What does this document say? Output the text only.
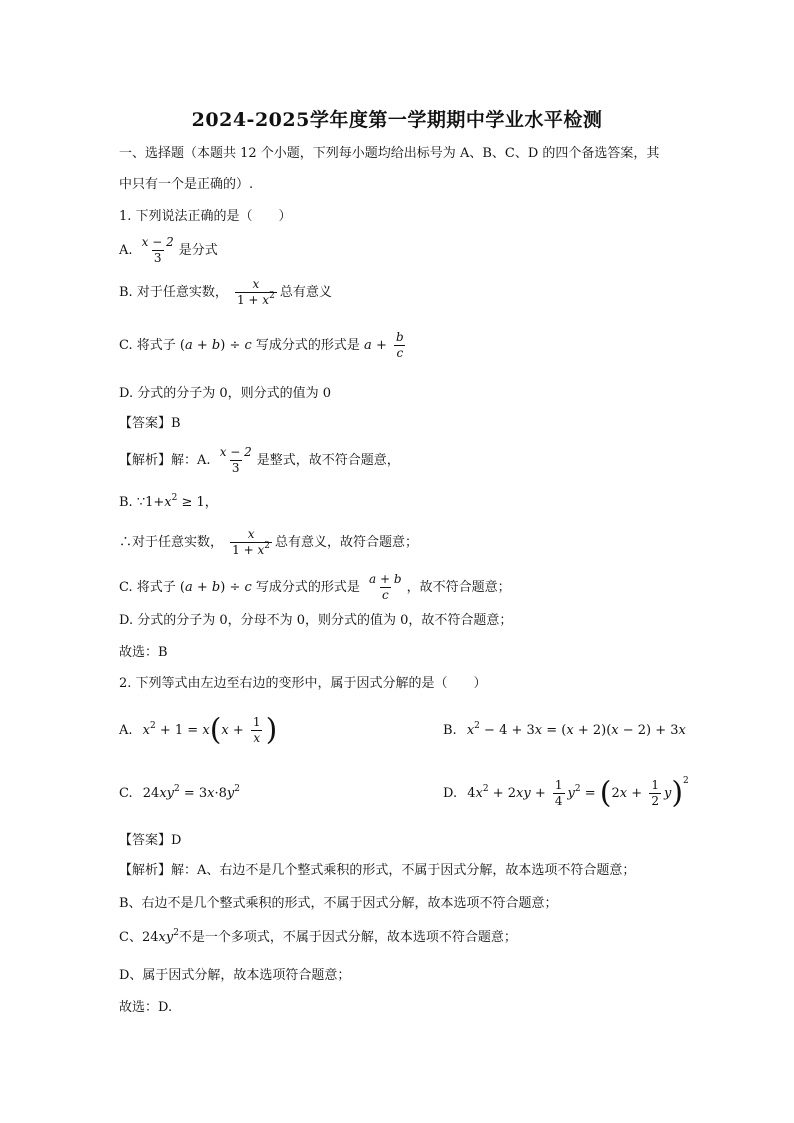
2024-2025学年度第一学期期中学业水平检测
一、选择题（本题共 12 个小题，下列每小题均给出标号为 A、B、C、D 的四个备选答案，其
中只有一个是正确的）.
1. 下列说法正确的是（　　）
A. $\frac{x - 2}{3}$ 是分式
B. 对于任意实数， $\frac{x}{1 + x^2}$ 总有意义
C. 将式子 (a + b) ÷ c 写成分式的形式是 $a + \frac{b}{c}$
D. 分式的分子为 0，则分式的值为 0
【答案】B
【解析】解：A. $\frac{x - 2}{3}$ 是整式，故不符合题意，
B. $\because 1+x^2 \ge 1$，
∴对于任意实数， $\frac{x}{1 + x^2}$ 总有意义，故符合题意；
C. 将式子 (a + b) ÷ c 写成分式的形式是 $\frac{a + b}{c}$ ，故不符合题意；
D. 分式的分子为 0，分母不为 0，则分式的值为 0，故不符合题意；
故选：B
2. 下列等式由左边至右边的变形中，属于因式分解的是（　　）
A. $x^2 + 1 = x(x + \frac{1}{x}$ )	B. $x^2 - 4 + 3x = (x + 2)(x - 2) + 3x$
C. $24xy^2 = 3x\cdot 8y^2$	D. $4x^2 + 2xy + \frac{1}{4} y^2 = (2x + \frac{1}{2} y)^2$
【答案】D
【解析】解：A、右边不是几个整式乘积的形式，不属于因式分解，故本选项不符合题意；
B、右边不是几个整式乘积的形式，不属于因式分解，故本选项不符合题意；
C、$24xy^2$不是一个多项式，不属于因式分解，故本选项不符合题意；
D、属于因式分解，故本选项符合题意；
故选：D.
